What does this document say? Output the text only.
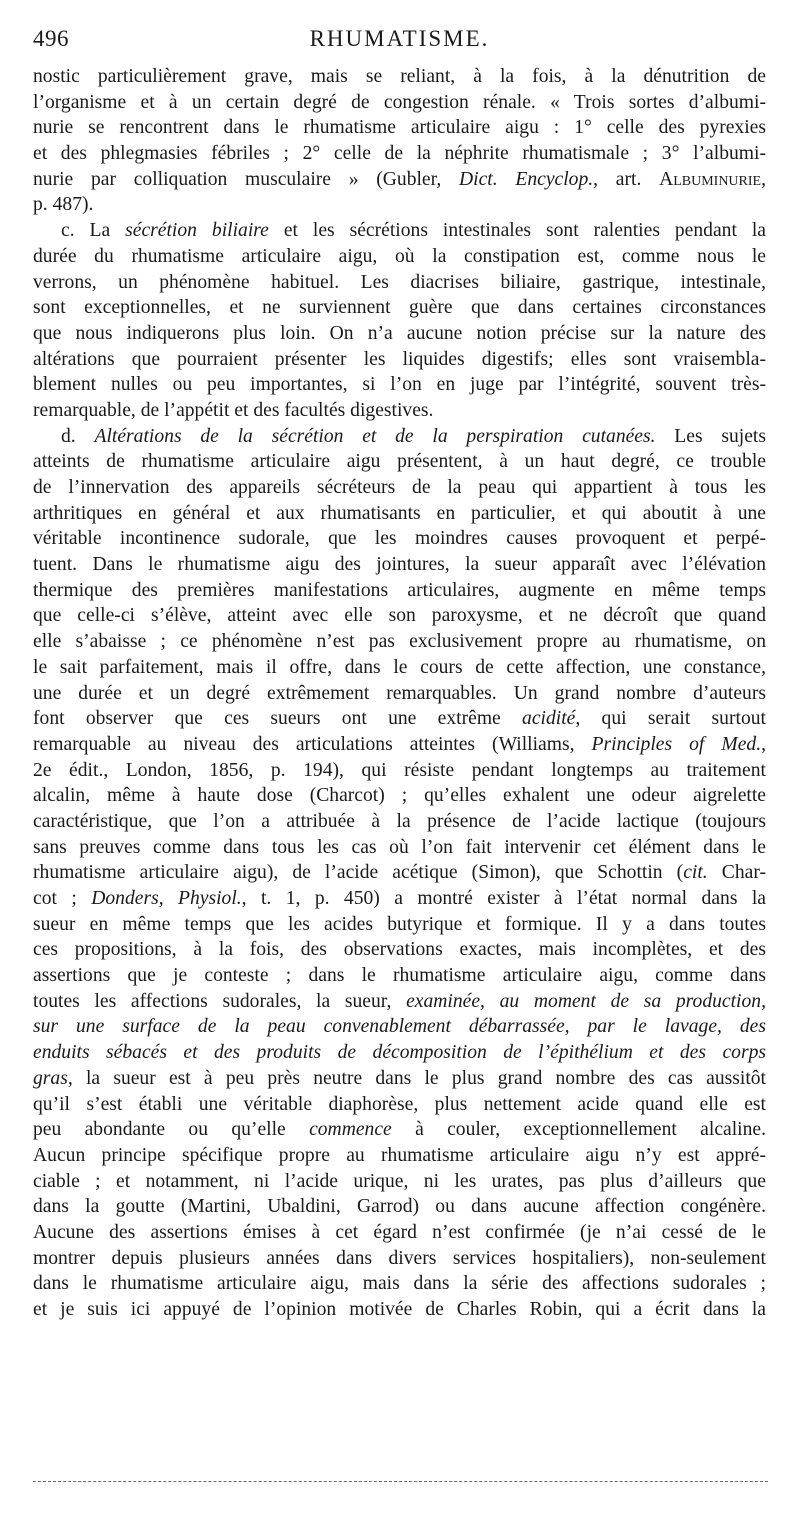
496	RHUMATISME.
nostic particulièrement grave, mais se reliant, à la fois, à la dénutrition de
l’organisme et à un certain degré de congestion rénale. « Trois sortes d’albumi-
nurie se rencontrent dans le rhumatisme articulaire aigu : 1° celle des pyrexies
et des phlegmasies fébriles ; 2° celle de la néphrite rhumatismale ; 3° l’albumi-
nurie par colliquation musculaire » (Gubler, Dict. Encyclop., art. Albuminurie,
p. 487).
c. La sécrétion biliaire et les sécrétions intestinales sont ralenties pendant la
durée du rhumatisme articulaire aigu, où la constipation est, comme nous le
verrons, un phénomène habituel. Les diacrises biliaire, gastrique, intestinale,
sont exceptionnelles, et ne surviennent guère que dans certaines circonstances
que nous indiquerons plus loin. On n’a aucune notion précise sur la nature des
altérations que pourraient présenter les liquides digestifs; elles sont vraisembla-
blement nulles ou peu importantes, si l’on en juge par l’intégrité, souvent très-
remarquable, de l’appétit et des facultés digestives.
d. Altérations de la sécrétion et de la perspiration cutanées. Les sujets
atteints de rhumatisme articulaire aigu présentent, à un haut degré, ce trouble
de l’innervation des appareils sécréteurs de la peau qui appartient à tous les
arthritiques en général et aux rhumatisants en particulier, et qui aboutit à une
véritable incontinence sudorale, que les moindres causes provoquent et perpé-
tuent. Dans le rhumatisme aigu des jointures, la sueur apparaît avec l’élévation
thermique des premières manifestations articulaires, augmente en même temps
que celle-ci s’élève, atteint avec elle son paroxysme, et ne décroît que quand
elle s’abaisse ; ce phénomène n’est pas exclusivement propre au rhumatisme, on
le sait parfaitement, mais il offre, dans le cours de cette affection, une constance,
une durée et un degré extrêmement remarquables. Un grand nombre d’auteurs
font observer que ces sueurs ont une extrême acidité, qui serait surtout
remarquable au niveau des articulations atteintes (Williams, Principles of Med.,
2e édit., London, 1856, p. 194), qui résiste pendant longtemps au traitement
alcalin, même à haute dose (Charcot) ; qu’elles exhalent une odeur aigrelette
caractéristique, que l’on a attribuée à la présence de l’acide lactique (toujours
sans preuves comme dans tous les cas où l’on fait intervenir cet élément dans le
rhumatisme articulaire aigu), de l’acide acétique (Simon), que Schottin (cit. Char-
cot ; Donders, Physiol., t. 1, p. 450) a montré exister à l’état normal dans la
sueur en même temps que les acides butyrique et formique. Il y a dans toutes
ces propositions, à la fois, des observations exactes, mais incomplètes, et des
assertions que je conteste ; dans le rhumatisme articulaire aigu, comme dans
toutes les affections sudorales, la sueur, examinée, au moment de sa production,
sur une surface de la peau convenablement débarrassée, par le lavage, des
enduits sébacés et des produits de décomposition de l’épithélium et des corps
gras, la sueur est à peu près neutre dans le plus grand nombre des cas aussitôt
qu’il s’est établi une véritable diaphorèse, plus nettement acide quand elle est
peu abondante ou qu’elle commence à couler, exceptionnellement alcaline.
Aucun principe spécifique propre au rhumatisme articulaire aigu n’y est appré-
ciable ; et notamment, ni l’acide urique, ni les urates, pas plus d’ailleurs que
dans la goutte (Martini, Ubaldini, Garrod) ou dans aucune affection congénère.
Aucune des assertions émises à cet égard n’est confirmée (je n’ai cessé de le
montrer depuis plusieurs années dans divers services hospitaliers), non-seulement
dans le rhumatisme articulaire aigu, mais dans la série des affections sudorales ;
et je suis ici appuyé de l’opinion motivée de Charles Robin, qui a écrit dans la
